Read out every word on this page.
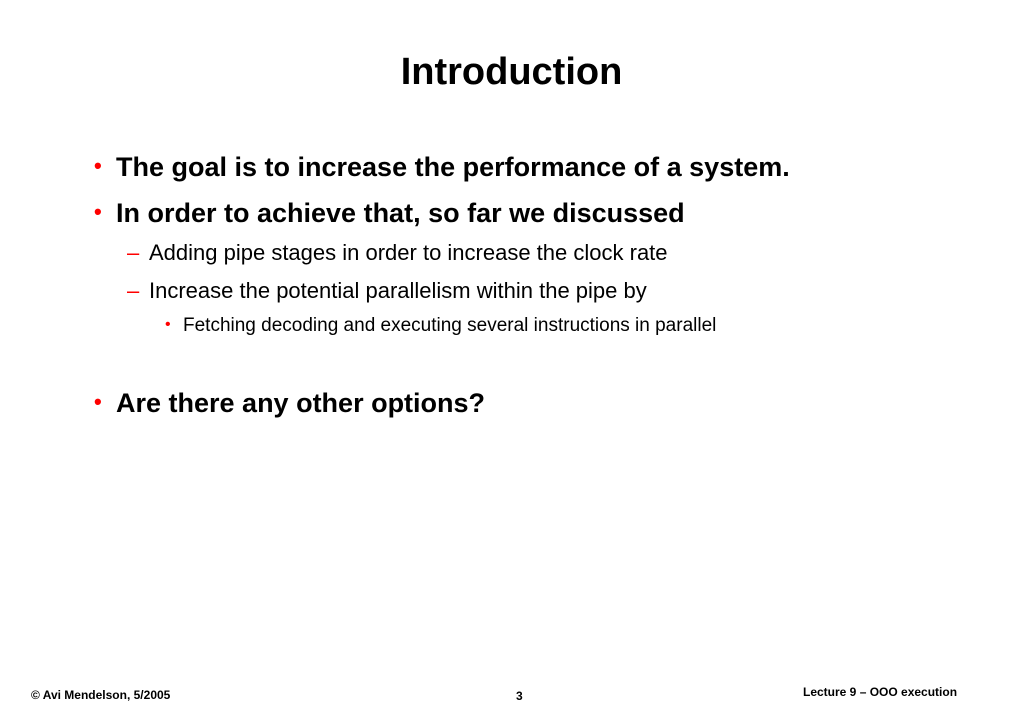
Introduction
• The goal is to increase the performance of a system.
• In order to achieve that, so far we discussed
– Adding pipe stages in order to increase the clock rate
– Increase the potential parallelism within the pipe by
• Fetching decoding and executing several instructions in parallel
• Are there any other options?
© Avi Mendelson, 5/2005	3	Lecture 9 – OOO execution
